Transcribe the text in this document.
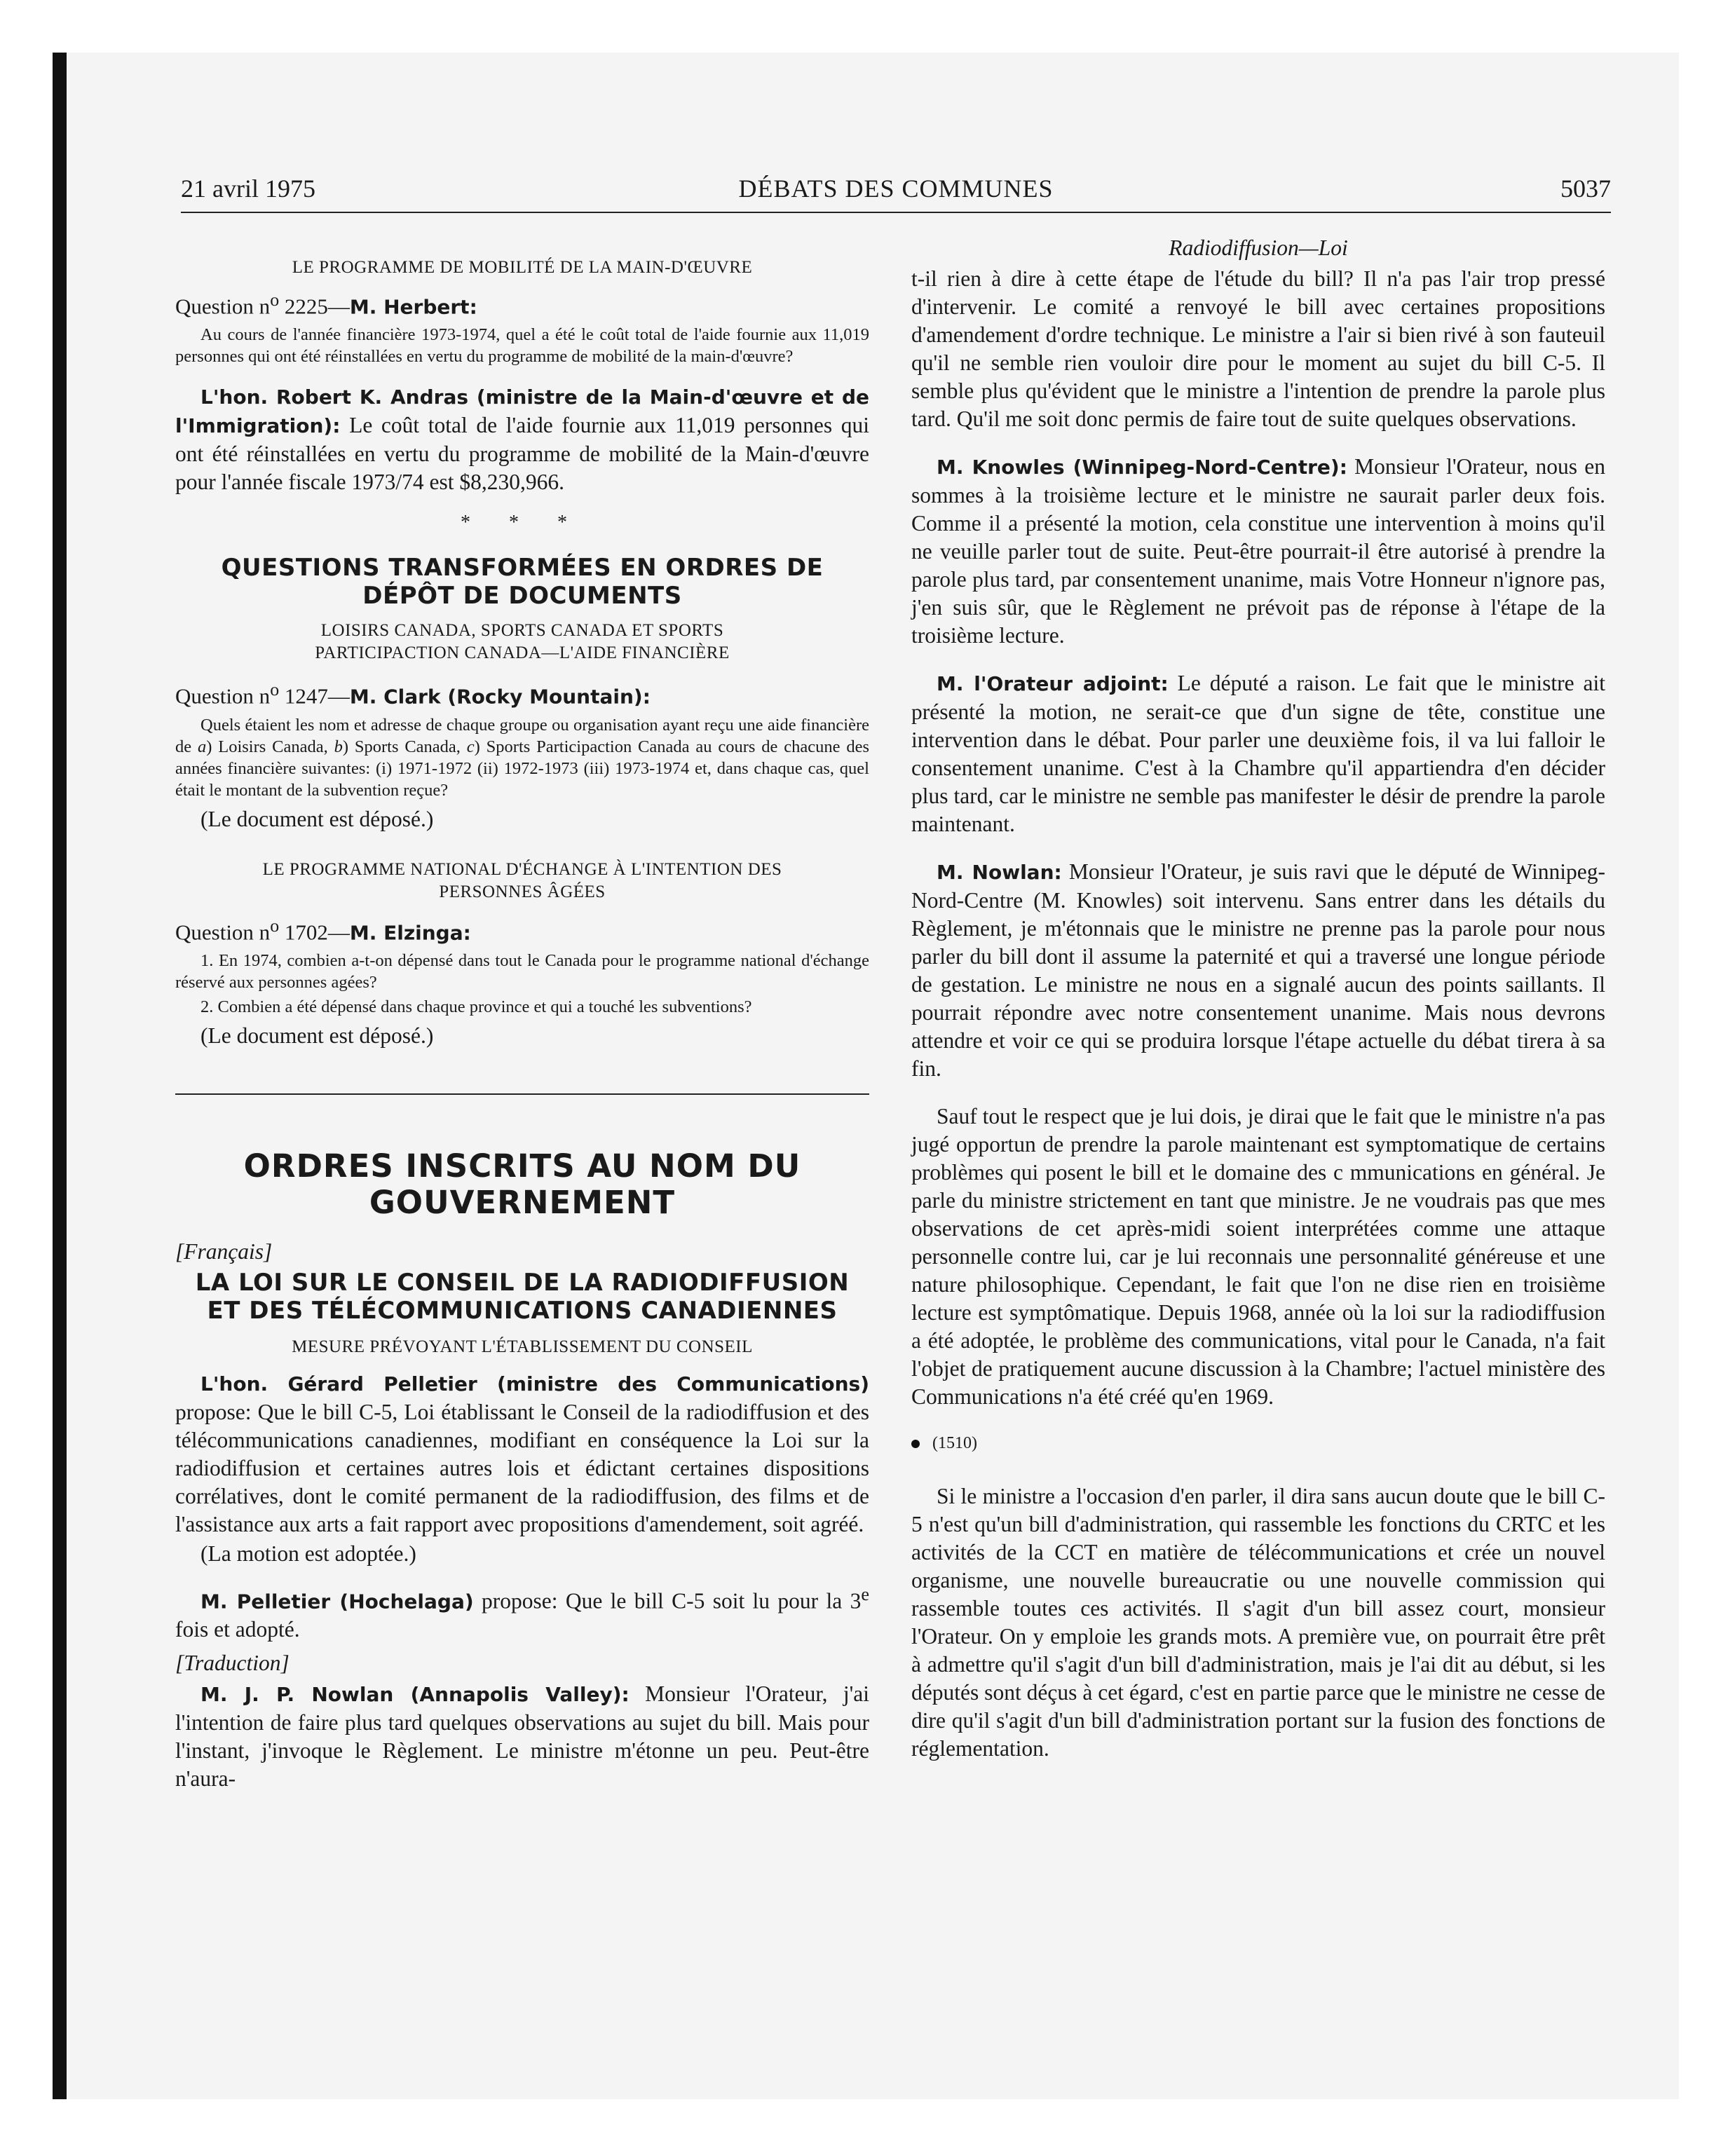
21 avril 1975	DÉBATS DES COMMUNES	5037

LE PROGRAMME DE MOBILITÉ DE LA MAIN-D'ŒUVRE

Question $n^o$ 2225—M. Herbert:

Au cours de l'année financière 1973-1974, quel a été le coût total de l'aide fournie aux 11,019 personnes qui ont été réinstallées en vertu du programme de mobilité de la main-d'œuvre?

L'hon. Robert K. Andras (ministre de la Main-d'œuvre et de l'Immigration): Le coût total de l'aide fournie aux 11,019 personnes qui ont été réinstallées en vertu du programme de mobilité de la Main-d'œuvre pour l'année fiscale 1973/74 est $8,230,966.

* * *

QUESTIONS TRANSFORMÉES EN ORDRES DE
DÉPÔT DE DOCUMENTS

LOISIRS CANADA, SPORTS CANADA ET SPORTS
PARTICIPACTION CANADA—L'AIDE FINANCIÈRE

Question $n^o$ 1247—M. Clark (Rocky Mountain):

Quels étaient les nom et adresse de chaque groupe ou organisation ayant reçu une aide financière de a) Loisirs Canada, b) Sports Canada, c) Sports Participaction Canada au cours de chacune des années financière suivantes: (i) 1971-1972 (ii) 1972-1973 (iii) 1973-1974 et, dans chaque cas, quel était le montant de la subvention reçue?

(Le document est déposé.)

LE PROGRAMME NATIONAL D'ÉCHANGE À L'INTENTION DES
PERSONNES ÂGÉES

Question $n^o$ 1702—M. Elzinga:

1. En 1974, combien a-t-on dépensé dans tout le Canada pour le programme national d'échange réservé aux personnes agées?

2. Combien a été dépensé dans chaque province et qui a touché les subventions?

(Le document est déposé.)

ORDRES INSCRITS AU NOM DU
GOUVERNEMENT

[Français]

LA LOI SUR LE CONSEIL DE LA RADIODIFFUSION
ET DES TÉLÉCOMMUNICATIONS CANADIENNES

MESURE PRÉVOYANT L'ÉTABLISSEMENT DU CONSEIL

L'hon. Gérard Pelletier (ministre des Communications) propose: Que le bill C-5, Loi établissant le Conseil de la radiodiffusion et des télécommunications canadiennes, modifiant en conséquence la Loi sur la radiodiffusion et certaines autres lois et édictant certaines dispositions corrélatives, dont le comité permanent de la radiodiffusion, des films et de l'assistance aux arts a fait rapport avec propositions d'amendement, soit agréé.

(La motion est adoptée.)

M. Pelletier (Hochelaga) propose: Que le bill C-5 soit lu pour la 3e fois et adopté.

[Traduction]

M. J. P. Nowlan (Annapolis Valley): Monsieur l'Orateur, j'ai l'intention de faire plus tard quelques observations au sujet du bill. Mais pour l'instant, j'invoque le Règlement. Le ministre m'étonne un peu. Peut-être n'aura-

Radiodiffusion—Loi

t-il rien à dire à cette étape de l'étude du bill? Il n'a pas l'air trop pressé d'intervenir. Le comité a renvoyé le bill avec certaines propositions d'amendement d'ordre technique. Le ministre a l'air si bien rivé à son fauteuil qu'il ne semble rien vouloir dire pour le moment au sujet du bill C-5. Il semble plus qu'évident que le ministre a l'intention de prendre la parole plus tard. Qu'il me soit donc permis de faire tout de suite quelques observations.

M. Knowles (Winnipeg-Nord-Centre): Monsieur l'Orateur, nous en sommes à la troisième lecture et le ministre ne saurait parler deux fois. Comme il a présenté la motion, cela constitue une intervention à moins qu'il ne veuille parler tout de suite. Peut-être pourrait-il être autorisé à prendre la parole plus tard, par consentement unanime, mais Votre Honneur n'ignore pas, j'en suis sûr, que le Règlement ne prévoit pas de réponse à l'étape de la troisième lecture.

M. l'Orateur adjoint: Le député a raison. Le fait que le ministre ait présenté la motion, ne serait-ce que d'un signe de tête, constitue une intervention dans le débat. Pour parler une deuxième fois, il va lui falloir le consentement unanime. C'est à la Chambre qu'il appartiendra d'en décider plus tard, car le ministre ne semble pas manifester le désir de prendre la parole maintenant.

M. Nowlan: Monsieur l'Orateur, je suis ravi que le député de Winnipeg-Nord-Centre (M. Knowles) soit intervenu. Sans entrer dans les détails du Règlement, je m'étonnais que le ministre ne prenne pas la parole pour nous parler du bill dont il assume la paternité et qui a traversé une longue période de gestation. Le ministre ne nous en a signalé aucun des points saillants. Il pourrait répondre avec notre consentement unanime. Mais nous devrons attendre et voir ce qui se produira lorsque l'étape actuelle du débat tirera à sa fin.

Sauf tout le respect que je lui dois, je dirai que le fait que le ministre n'a pas jugé opportun de prendre la parole maintenant est symptomatique de certains problèmes qui posent le bill et le domaine des c mmunications en général. Je parle du ministre strictement en tant que ministre. Je ne voudrais pas que mes observations de cet après-midi soient interprétées comme une attaque personnelle contre lui, car je lui reconnais une personnalité généreuse et une nature philosophique. Cependant, le fait que l'on ne dise rien en troisième lecture est symptômatique. Depuis 1968, année où la loi sur la radiodiffusion a été adoptée, le problème des communications, vital pour le Canada, n'a fait l'objet de pratiquement aucune discussion à la Chambre; l'actuel ministère des Communications n'a été créé qu'en 1969.

(1510)

Si le ministre a l'occasion d'en parler, il dira sans aucun doute que le bill C-5 n'est qu'un bill d'administration, qui rassemble les fonctions du CRTC et les activités de la CCT en matière de télécommunications et crée un nouvel organisme, une nouvelle bureaucratie ou une nouvelle commission qui rassemble toutes ces activités. Il s'agit d'un bill assez court, monsieur l'Orateur. On y emploie les grands mots. A première vue, on pourrait être prêt à admettre qu'il s'agit d'un bill d'administration, mais je l'ai dit au début, si les députés sont déçus à cet égard, c'est en partie parce que le ministre ne cesse de dire qu'il s'agit d'un bill d'administration portant sur la fusion des fonctions de réglementation.
